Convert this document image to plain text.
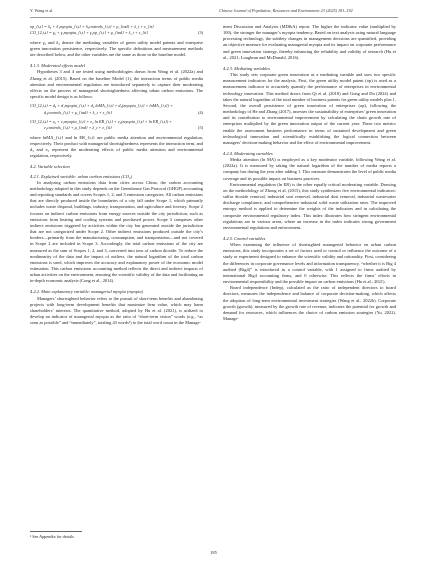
Y. Wang et al.	Chinese Journal of Population, Resources and Environment 23 (2025) 181–192
op_{i,t} = δ₀ + δ₁myopia_{i,t} + δ₂controls_{i,t} + μ_{ind} + λ_t + ε_{it}
CO_{2,i,t} = γ₀ + γ₁myopia_{i,t} + γ₂op_{i,t} + μ_{ind} + λ_t + ε_{it}	(3)

where γ₂ and δ₂ denote the mediating variables of green utility model patents and enterprise green innovation persistence, respectively. The specific definitions and measurement methods are described below, and the other variables are the same as those in the baseline model.

4.1.3. Moderated effects model

Hypotheses 3 and 4 are tested using methodologies drawn from Wang et al. (2022a) and Zhong et al. (2015). Based on the baseline Model (1), the interaction terms of public media attention and environmental regulation are introduced separately to capture their moderating effects on the process of managerial shortsightedness affecting urban carbon emissions. The specific model design is as follows.

CO_{2,i,t} = d₀ + d₁myopia_{i,t} + d₂ lnMA_{i,t} + d₃(myopia_{i,t} × lnMA_{i,t}) +
d₄controls_{i,t} + μ_{ind} + λ_t + ε_{it}	(4)
CO_{2,i,t} = e₀ + e₁myopia_{i,t} + e₂ ln ER_{i,t} + e₃(myopia_{i,t} × ln ER_{i,t}) +
e₄controls_{i,t} + μ_{ind} + λ_t + ε_{it}	(5)

where lnMA_{i,t} and ln ER_{i,t} are public media attention and environmental regulation, respectively. Their product with managerial shortsightedness represents the interaction term, and d₃ and e₃ represent the moderating effects of public media attention and environmental regulation, respectively.

4.2. Variable selection

4.2.1. Explained variable: urban carbon emissions (CO₂)

In analyzing carbon emissions data from cities across China, the carbon accounting methodology adopted in this study depends on the Greenhouse Gas Protocol (GHGP) accounting and reporting standards and covers Scopes 1, 2, and 3 emissions categories. All carbon emissions that are directly produced inside the boundaries of a city fall under Scope 1, which primarily includes waste disposal, buildings, industry, transportation, and agriculture and forestry. Scope 2 focuses on indirect carbon emissions from energy sources outside the city jurisdiction, such as emissions from heating and cooling systems and purchased power. Scope 3 comprises other indirect emissions triggered by activities within the city but generated outside the jurisdiction that are not categorized under Scope 2. Other indirect emissions produced outside the city’s borders—primarily from the manufacturing, consumption, and transportation—and not covered in Scope 2 are included in Scope 3. Accordingly, the total carbon emissions of the city are measured as the sum of Scopes 1, 2, and 3, converted into tons of carbon dioxide. To reduce the nonlinearity of the data and the impact of outliers, the natural logarithm of the total carbon emissions is used, which improves the accuracy and explanatory power of the economic model estimation. This carbon emissions accounting method reflects the direct and indirect impacts of urban activities on the environment, ensuring the scientific validity of the data and facilitating an in-depth economic analysis (Cong et al., 2014).

4.2.2. Main explanatory variable: managerial myopia (myopia)

Managers’ shortsighted behavior refers to the pursuit of short-term benefits and abandoning projects with long-term development benefits that maximize firm value, which may harm shareholders’ interests. The quantitative method, adopted by Hu et al. (2021), is utilized to develop an indicator of managerial myopia as the ratio of “short-term vision” words (e.g., “as soon as possible” and “immediately”, totaling 43 words¹) to the total word count in the Manage-

ment Discussion and Analysis (MD&A) report. The higher the indicator value (multiplied by 100), the stronger the manager’s myopia tendency. Based on text analysis using natural language processing technology, the subtlety changes in management decisions are quantified, providing an objective measure for evaluating managerial myopia and its impact on corporate performance and green innovation strategy, thereby enhancing the reliability and validity of research (Hu et al., 2021; Loughran and McDonald, 2016).

4.2.3. Mediating variables

This study sets corporate green innovation as a mediating variable and uses two specific measurement indicators for the analysis. First, the green utility model patent (op) is used as a measurement indicator to accurately quantify the performance of enterprises in environmental technology innovation. This method draws from Qi et al. (2018) and Gong and Du (2024) and takes the natural logarithm of the total number of business patents for green utility models plus 1. Second, the overall persistence of green innovation of enterprises (op), following the methodology of He and Zhang (2017), assesses the sustainability of enterprises’ green innovation and its contribution to environmental improvement by calculating the chain growth rate of enterprises multiplied by the green innovation output of the current year. These two metrics enable the assessment business performance in terms of sustained development and green technological innovation and scientifically establishing the logical connection between managers’ decision-making behavior and the effect of environmental improvement.

4.2.4. Moderating variables

Media attention (ln MA) is employed as a key moderator variable, following Wang et al. (2022a). It is measured by taking the natural logarithm of the number of media reports a company has during the year after adding 1. This measure demonstrates the level of public media coverage and its possible impact on business practices.

Environmental regulation (ln ER) is the other equally critical moderating variable. Drawing on the methodology of Zhong et al. (2015), this study synthesizes five environmental indicators: sulfur dioxide removal, industrial soot removal, industrial dust removal, industrial wastewater discharge compliance, and comprehensive industrial solid waste utilization rates. The improved entropy method is applied to determine the weights of the indicators and in calculating the composite environmental regulatory index. This index illustrates how stringent environmental regulations are in various areas, where an increase in the index indicates strong government environmental regulations and enforcement.

4.2.5. Control variables

When examining the influence of shortsighted managerial behavior on urban carbon emissions, this study incorporates a set of factors used to control or influence the outcome of a study or experiment designed to enhance the scientific validity and rationality. First, considering the differences in corporate governance levels and information transparency, “whether it is Big 4 audited (Big4)” is introduced as a control variable, with 1 assigned to firms audited by international Big4 accounting firms, and 0 otherwise. This reflects the firms’ efforts in environmental responsibility and the possible impact on carbon emissions (Hu et al., 2021).

Board independence (Indep), calculated as the ratio of independent directors to board directors, measures the independence and balance of corporate decision-making, which affects the adoption of long-term environmental investment strategies (Wang et al., 2022b). Corporate growth (growth), measured by the growth rate of revenue, indicates the potential for growth and demand for resources, which influences the choice of carbon emission strategies (Yu, 2022). Manage-

¹ See Appendix for details.
185
